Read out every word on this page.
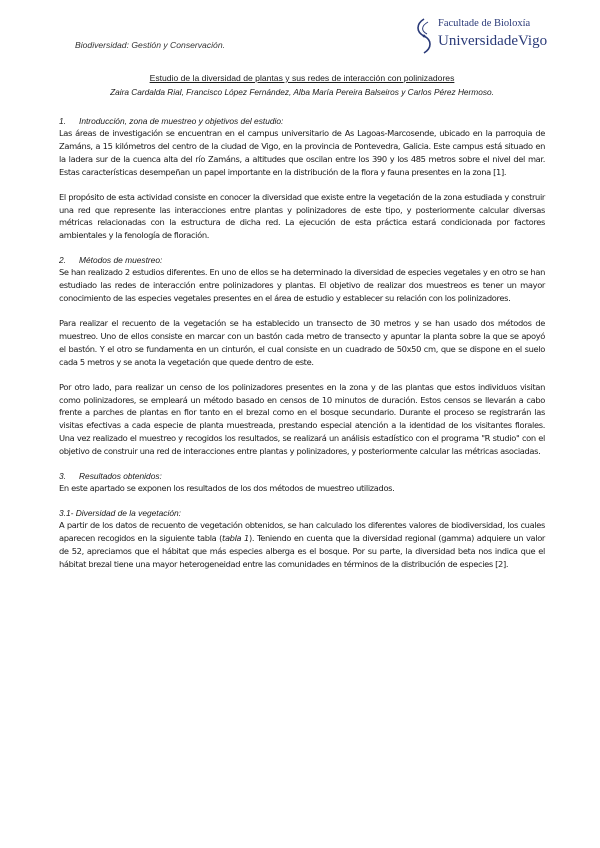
Biodiversidad: Gestión y Conservación.
Facultade de Bioloxía
UniversidadeVigo

Estudio de la diversidad de plantas y sus redes de interacción con polinizadores

Zaira Cardalda Rial, Francisco López Fernández, Alba María Pereira Balseiros y Carlos Pérez Hermoso.

1.	Introducción, zona de muestreo y objetivos del estudio:

Las áreas de investigación se encuentran en el campus universitario de As Lagoas-Marcosende, ubicado en la parroquia de Zamáns, a 15 kilómetros del centro de la ciudad de Vigo, en la provincia de Pontevedra, Galicia. Este campus está situado en la ladera sur de la cuenca alta del río Zamáns, a altitudes que oscilan entre los 390 y los 485 metros sobre el nivel del mar. Estas características desempeñan un papel importante en la distribución de la flora y fauna presentes en la zona [1].

El propósito de esta actividad consiste en conocer la diversidad que existe entre la vegetación de la zona estudiada y construir una red que represente las interacciones entre plantas y polinizadores de este tipo, y posteriormente calcular diversas métricas relacionadas con la estructura de dicha red. La ejecución de esta práctica estará condicionada por factores ambientales y la fenología de floración.

2.	Métodos de muestreo:

Se han realizado 2 estudios diferentes. En uno de ellos se ha determinado la diversidad de especies vegetales y en otro se han estudiado las redes de interacción entre polinizadores y plantas. El objetivo de realizar dos muestreos es tener un mayor conocimiento de las especies vegetales presentes en el área de estudio y establecer su relación con los polinizadores.

Para realizar el recuento de la vegetación se ha establecido un transecto de 30 metros y se han usado dos métodos de muestreo. Uno de ellos consiste en marcar con un bastón cada metro de transecto y apuntar la planta sobre la que se apoyó el bastón. Y el otro se fundamenta en un cinturón, el cual consiste en un cuadrado de 50x50 cm, que se dispone en el suelo cada 5 metros y se anota la vegetación que quede dentro de este.

Por otro lado, para realizar un censo de los polinizadores presentes en la zona y de las plantas que estos individuos visitan como polinizadores, se empleará un método basado en censos de 10 minutos de duración. Estos censos se llevarán a cabo frente a parches de plantas en flor tanto en el brezal como en el bosque secundario. Durante el proceso se registrarán las visitas efectivas a cada especie de planta muestreada, prestando especial atención a la identidad de los visitantes florales. Una vez realizado el muestreo y recogidos los resultados, se realizará un análisis estadístico con el programa "R studio" con el objetivo de construir una red de interacciones entre plantas y polinizadores, y posteriormente calcular las métricas asociadas.

3.	Resultados obtenidos:

En este apartado se exponen los resultados de los dos métodos de muestreo utilizados.

3.1- Diversidad de la vegetación:

A partir de los datos de recuento de vegetación obtenidos, se han calculado los diferentes valores de biodiversidad, los cuales aparecen recogidos en la siguiente tabla (tabla 1). Teniendo en cuenta que la diversidad regional (gamma) adquiere un valor de 52, apreciamos que el hábitat que más especies alberga es el bosque. Por su parte, la diversidad beta nos indica que el hábitat brezal tiene una mayor heterogeneidad entre las comunidades en términos de la distribución de especies [2].
